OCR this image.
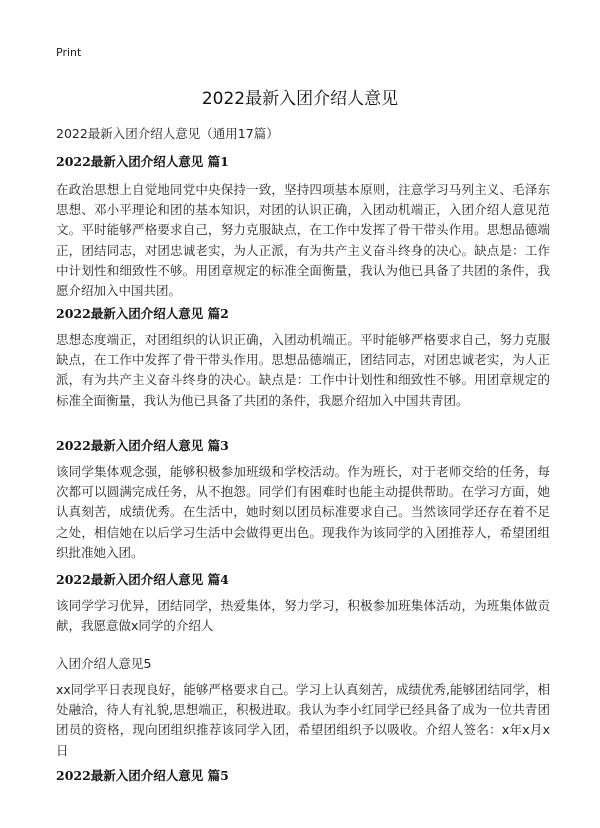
Print
2022最新入团介绍人意见
2022最新入团介绍人意见（通用17篇）
2022最新入团介绍人意见 篇1

在政治思想上自觉地同党中央保持一致，坚持四项基本原则，注意学习马列主义、毛泽东思想、邓小平理论和团的基本知识，对团的认识正确，入团动机端正，入团介绍人意见范文。平时能够严格要求自己，努力克服缺点，在工作中发挥了骨干带头作用。思想品德端正，团结同志，对团忠诚老实，为人正派，有为共产主义奋斗终身的决心。缺点是：工作中计划性和细致性不够。用团章规定的标准全面衡量，我认为他已具备了共团的条件，我愿介绍加入中国共团。

2022最新入团介绍人意见 篇2

思想态度端正，对团组织的认识正确，入团动机端正。平时能够严格要求自己，努力克服缺点，在工作中发挥了骨干带头作用。思想品德端正，团结同志，对团忠诚老实，为人正派，有为共产主义奋斗终身的决心。缺点是：工作中计划性和细致性不够。用团章规定的标准全面衡量，我认为他已具备了共团的条件，我愿介绍加入中国共青团。

2022最新入团介绍人意见 篇3

该同学集体观念强，能够积极参加班级和学校活动。作为班长，对于老师交给的任务，每次都可以圆满完成任务，从不抱怨。同学们有困难时也能主动提供帮助。在学习方面，她认真刻苦，成绩优秀。在生活中，她时刻以团员标准要求自己。当然该同学还存在着不足之处，相信她在以后学习生活中会做得更出色。现我作为该同学的入团推荐人，希望团组织批准她入团。

2022最新入团介绍人意见 篇4

该同学学习优异，团结同学，热爱集体，努力学习，积极参加班集体活动，为班集体做贡献，我愿意做x同学的介绍人

入团介绍人意见5

xx同学平日表现良好，能够严格要求自己。学习上认真刻苦，成绩优秀,能够团结同学，相处融洽，待人有礼貌,思想端正，积极进取。我认为李小红同学已经具备了成为一位共青团团员的资格，现向团组织推荐该同学入团，希望团组织予以吸收。介绍人签名：x年x月x日

2022最新入团介绍人意见 篇5
